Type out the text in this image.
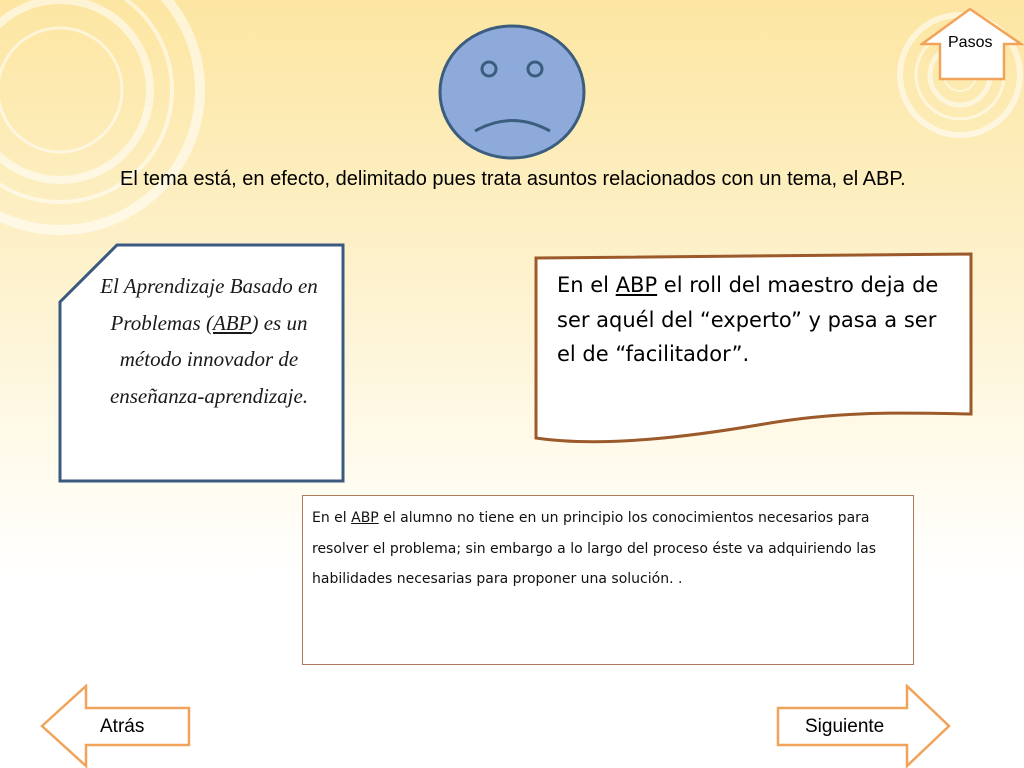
El tema está, en efecto, delimitado pues trata asuntos relacionados con un tema, el ABP.
El Aprendizaje Basado en Problemas (ABP) es un método innovador de enseñanza-aprendizaje.
En el ABP el roll del maestro deja de ser aquél del “experto” y pasa a ser el de “facilitador”.
En el ABP el alumno no tiene en un principio los conocimientos necesarios para resolver el problema; sin embargo a lo largo del proceso éste va adquiriendo las habilidades necesarias para proponer una solución. .
Pasos
Atrás	Siguiente
